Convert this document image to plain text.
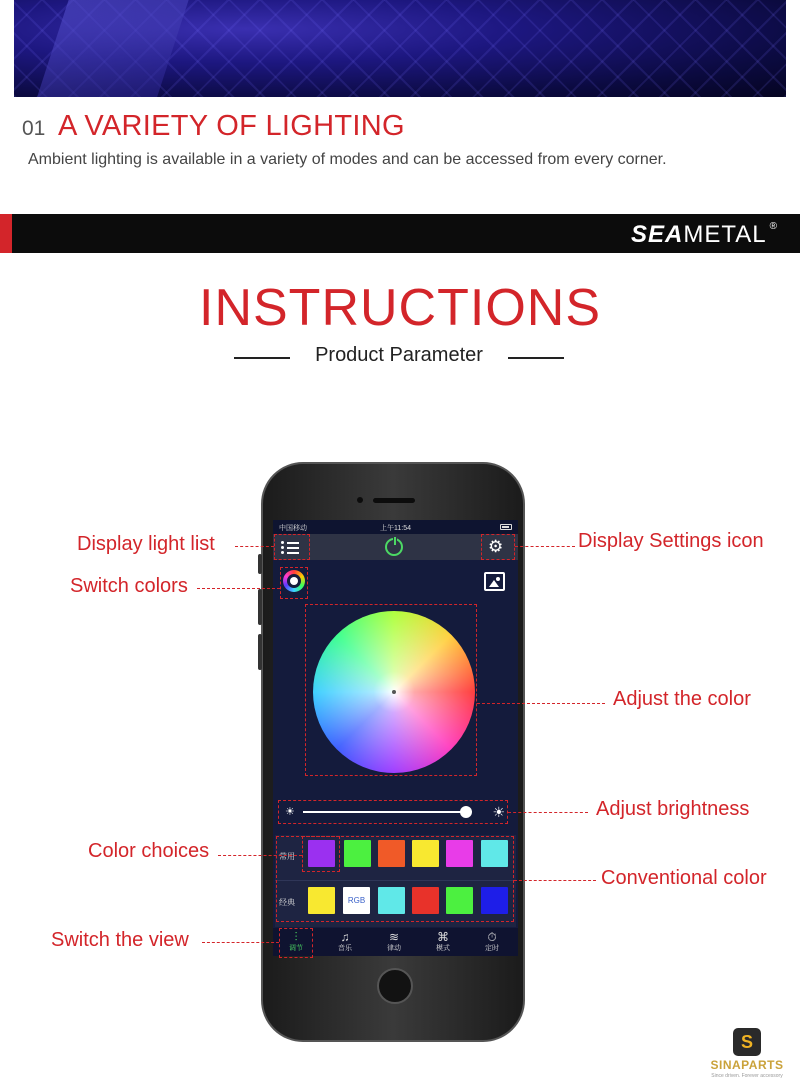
01 A VARIETY OF LIGHTING
Ambient lighting is available in a variety of modes and can be accessed from every corner.
SEAMETAL ®
INSTRUCTIONS
Product Parameter
中国移动	上午11:54
⚙
☀	☀
常用
经典	RGB
⫶
调节
♫
音乐
≋
律动
⌘
模式
⏱
定时
Display light list	Display Settings icon
Switch colors
Adjust the color
Adjust brightness
Color choices
Conventional color
Switch the view
S
SINAPARTS
Since driven. Forever accessory
